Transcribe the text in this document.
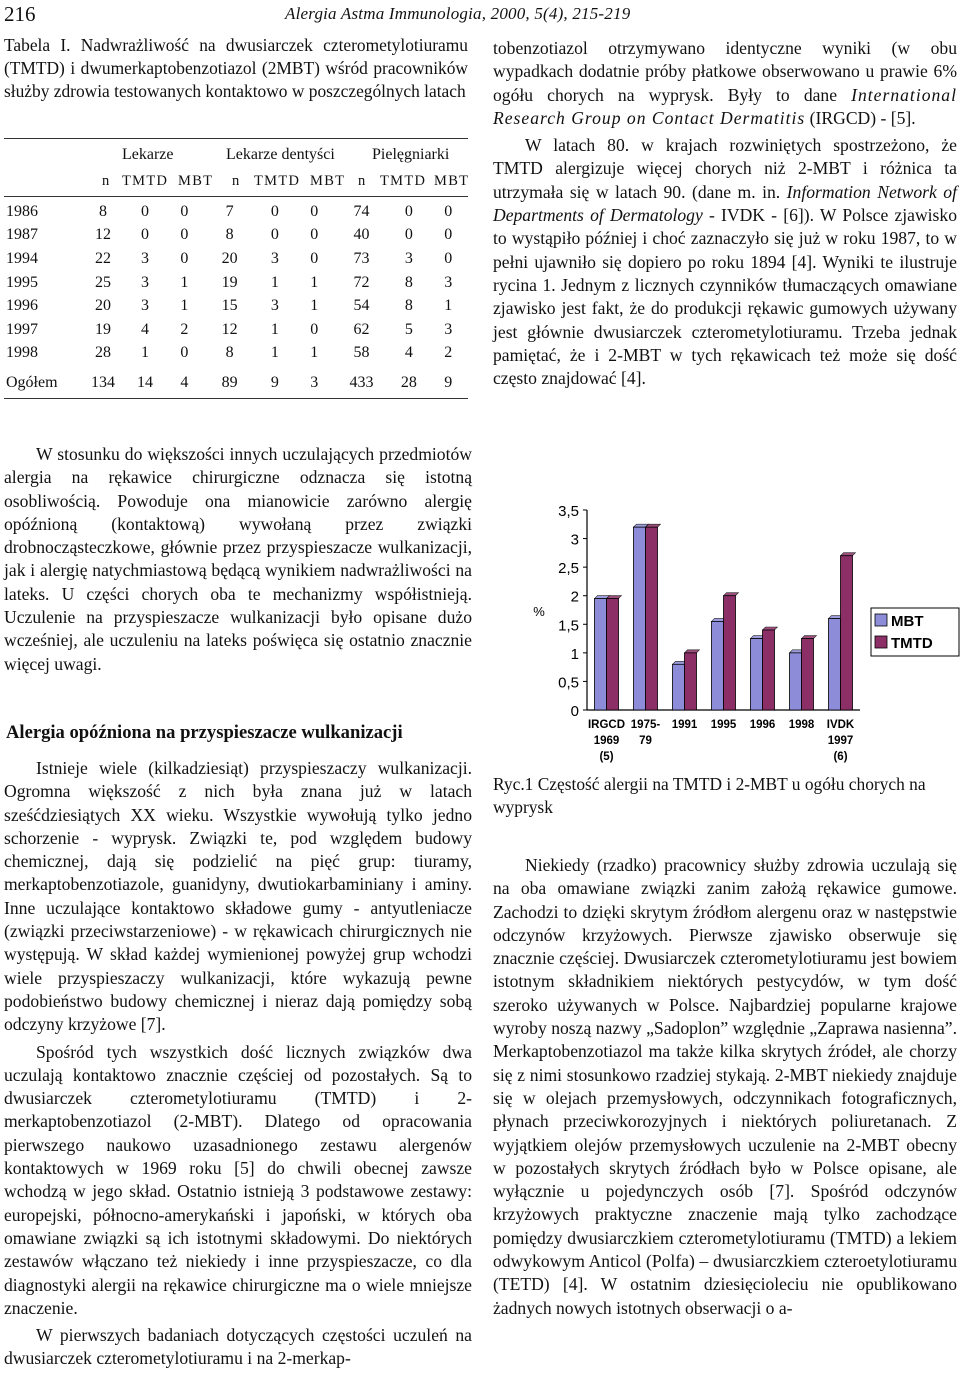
216	Alergia Astma Immunologia, 2000, 5(4), 215-219
Tabela I. Nadwrażliwość na dwusiarczek czterometylotiuramu (TMTD) i dwumerkaptobenzotiazol (2MBT) wśród pracowników służby zdrowia testowanych kontaktowo w poszczególnych latach
Lekarze	Lekarze dentyści Pielęgniarki
n TMTD MBT n TMTD MBT n TMTD MBT
1986	8	0	0	7	0	0	74	0	0
1987	12	0	0	8	0	0	40	0	0
1994	22	3	0	20	3	0	73	3	0
1995	25	3	1	19	1	1	72	8	3
1996	20	3	1	15	3	1	54	8	1
1997	19	4	2	12	1	0	62	5	3
1998	28	1	0	8	1	1	58	4	2
Ogółem	134	14	4	89	9	3	433	28	9

W stosunku do większości innych uczulających przedmiotów alergia na rękawice chirurgiczne odznacza się istotną osobliwością. Powoduje ona mianowicie zarówno alergię opóźnioną (kontaktową) wywołaną przez związki drobnocząsteczkowe, głównie przez przyspieszacze wulkanizacji, jak i alergię natychmiastową będącą wynikiem nadwrażliwości na lateks. U części chorych oba te mechanizmy współistnieją. Uczulenie na przyspieszacze wulkanizacji było opisane dużo wcześniej, ale uczuleniu na lateks poświęca się ostatnio znacznie więcej uwagi.

Alergia opóźniona na przyspieszacze wulkanizacji

Istnieje wiele (kilkadziesiąt) przyspieszaczy wulkanizacji. Ogromna większość z nich była znana już w latach sześćdziesiątych XX wieku. Wszystkie wywołują tylko jedno schorzenie - wyprysk. Związki te, pod względem budowy chemicznej, dają się podzielić na pięć grup: tiuramy, merkaptobenzotiazole, guanidyny, dwutiokarbaminiany i aminy. Inne uczulające kontaktowo składowe gumy - antyutleniacze (związki przeciwstarzeniowe) - w rękawicach chirurgicznych nie występują. W skład każdej wymienionej powyżej grup wchodzi wiele przyspieszaczy wulkanizacji, które wykazują pewne podobieństwo budowy chemicznej i nieraz dają pomiędzy sobą odczyny krzyżowe [7].

Spośród tych wszystkich dość licznych związków dwa uczulają kontaktowo znacznie częściej od pozostałych. Są to dwusiarczek czterometylotiuramu (TMTD) i 2-merkaptobenzotiazol (2-MBT). Dlatego od opracowania pierwszego naukowo uzasadnionego zestawu alergenów kontaktowych w 1969 roku [5] do chwili obecnej zawsze wchodzą w jego skład. Ostatnio istnieją 3 podstawowe zestawy: europejski, północno-amerykański i japoński, w których oba omawiane związki są ich istotnymi składowymi. Do niektórych zestawów włączano też niekiedy i inne przyspieszacze, co dla diagnostyki alergii na rękawice chirurgiczne ma o wiele mniejsze znaczenie.

W pierwszych badaniach dotyczących częstości uczuleń na dwusiarczek czterometylotiuramu i na 2-merkap-

tobenzotiazol otrzymywano identyczne wyniki (w obu wypadkach dodatnie próby płatkowe obserwowano u prawie 6% ogółu chorych na wyprysk. Były to dane International Research Group on Contact Dermatitis (IRGCD) - [5].

W latach 80. w krajach rozwiniętych spostrzeżono, że TMTD alergizuje więcej chorych niż 2-MBT i różnica ta utrzymała się w latach 90. (dane m. in. Information Network of Departments of Dermatology - IVDK - [6]). W Polsce zjawisko to wystąpiło później i choć zaznaczyło się już w roku 1987, to w pełni ujawniło się dopiero po roku 1894 [4]. Wyniki te ilustruje rycina 1. Jednym z licznych czynników tłumaczących omawiane zjawisko jest fakt, że do produkcji rękawic gumowych używany jest głównie dwusiarczek czterometylotiuramu. Trzeba jednak pamiętać, że i 2-MBT w tych rękawicach też może się dość często znajdować [4].

0
0,5
1
1,5
2
2,5
3
3,5
%
IRGCD
1969
(5)
1975-
79
1991 1995 1996 1998 IVDK
1997
(6)
MBT
TMTD
Ryc.1 Częstość alergii na TMTD i 2-MBT u ogółu chorych na wyprysk

Niekiedy (rzadko) pracownicy służby zdrowia uczulają się na oba omawiane związki zanim założą rękawice gumowe. Zachodzi to dzięki skrytym źródłom alergenu oraz w następstwie odczynów krzyżowych. Pierwsze zjawisko obserwuje się znacznie częściej. Dwusiarczek czterometylotiuramu jest bowiem istotnym składnikiem niektórych pestycydów, w tym dość szeroko używanych w Polsce. Najbardziej popularne krajowe wyroby noszą nazwy „Sadoplon” względnie „Zaprawa nasienna”. Merkaptobenzotiazol ma także kilka skrytych źródeł, ale chorzy się z nimi stosunkowo rzadziej stykają. 2-MBT niekiedy znajduje się w olejach przemysłowych, odczynnikach fotograficznych, płynach przeciwkorozyjnych i niektórych poliuretanach. Z wyjątkiem olejów przemysłowych uczulenie na 2-MBT obecny w pozostałych skrytych źródłach było w Polsce opisane, ale wyłącznie u pojedynczych osób [7]. Spośród odczynów krzyżowych praktyczne znaczenie mają tylko zachodzące pomiędzy dwusiarczkiem czterometylotiuramu (TMTD) a lekiem odwykowym Anticol (Polfa) – dwusiarczkiem czteroetylotiuramu (TETD) [4]. W ostatnim dziesięcioleciu nie opublikowano żadnych nowych istotnych obserwacji o a-
